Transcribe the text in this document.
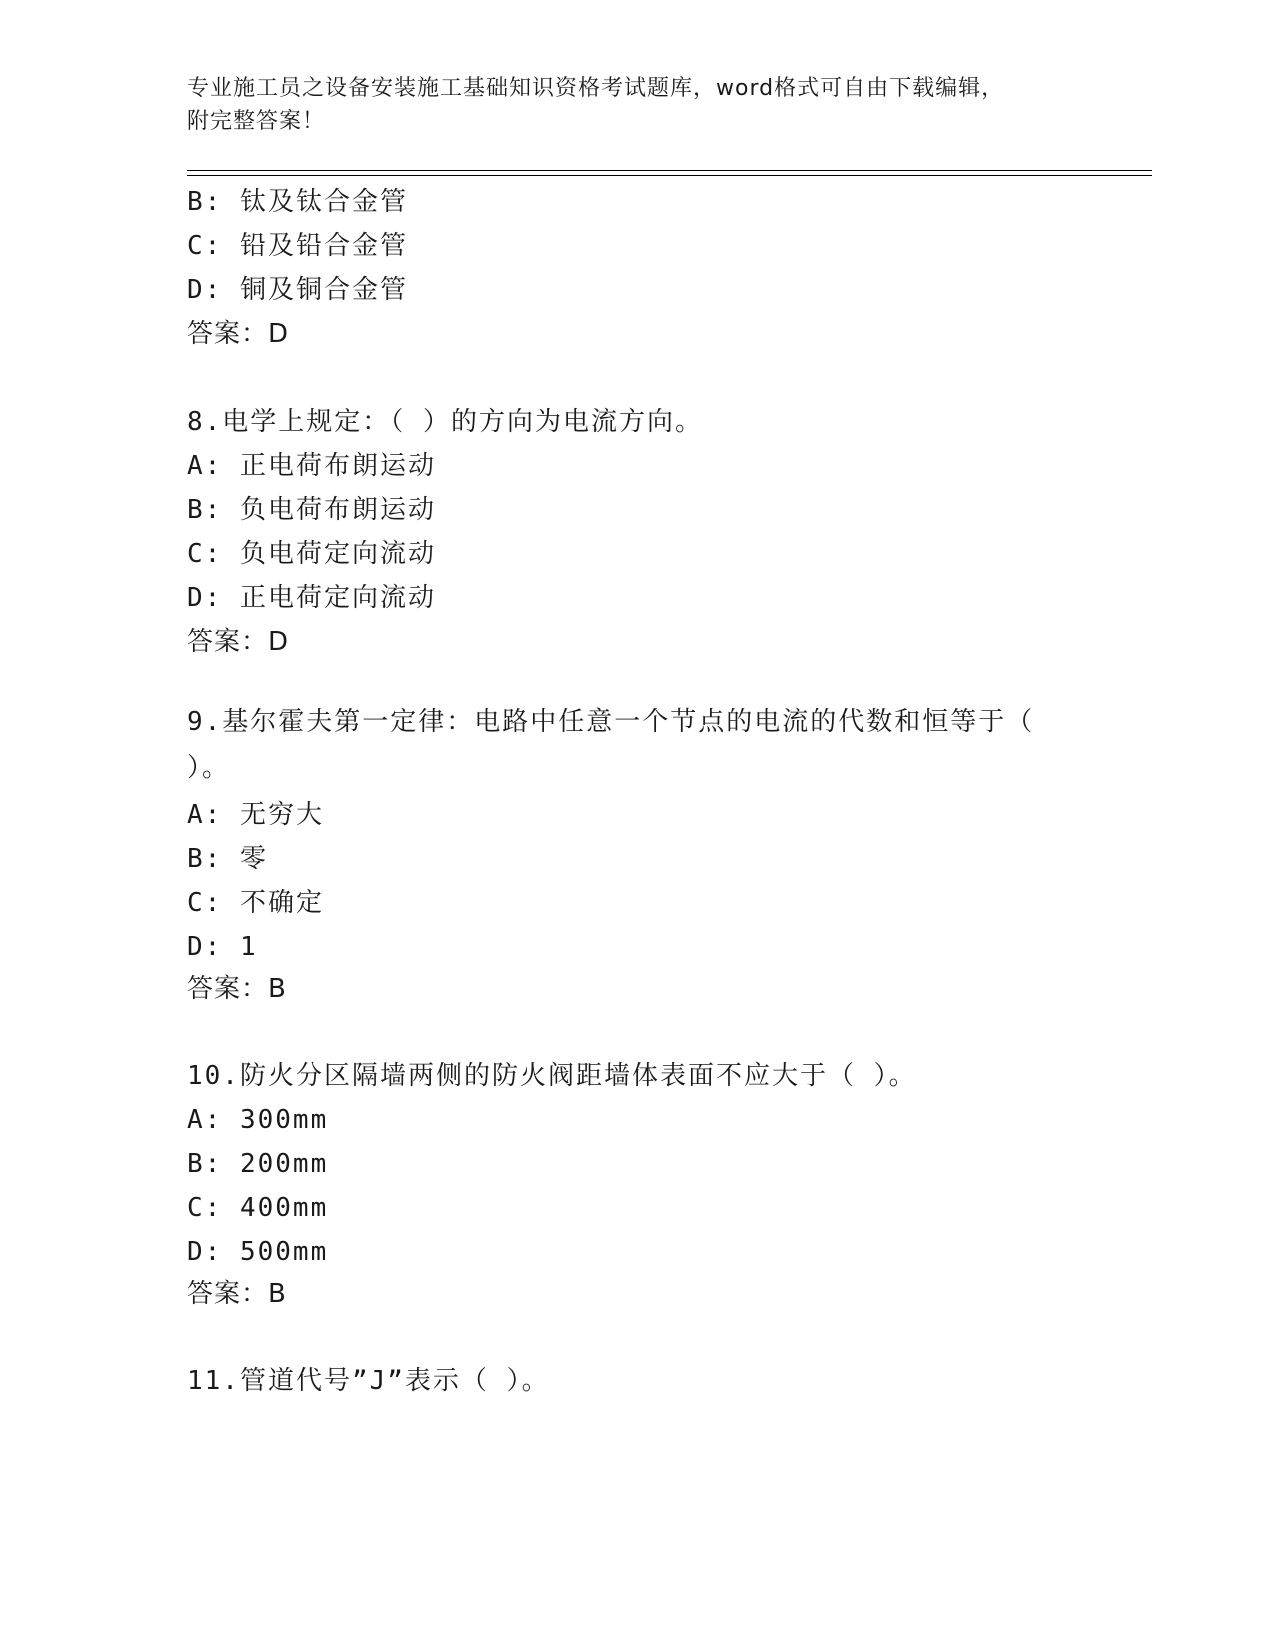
专业施工员之设备安装施工基础知识资格考试题库，word格式可自由下载编辑，
附完整答案！
B: 钛及钛合金管
C: 铅及铅合金管
D: 铜及铜合金管
答案：D
8.电学上规定：（ ）的方向为电流方向。
A: 正电荷布朗运动
B: 负电荷布朗运动
C: 负电荷定向流动
D: 正电荷定向流动
答案：D
9.基尔霍夫第一定律：电路中任意一个节点的电流的代数和恒等于（ ）。
A: 无穷大
B: 零
C: 不确定
D: 1
答案：B
10.防火分区隔墙两侧的防火阀距墙体表面不应大于（ ）。
A: 300mm
B: 200mm
C: 400mm
D: 500mm
答案：B
11.管道代号”J”表示（ ）。
